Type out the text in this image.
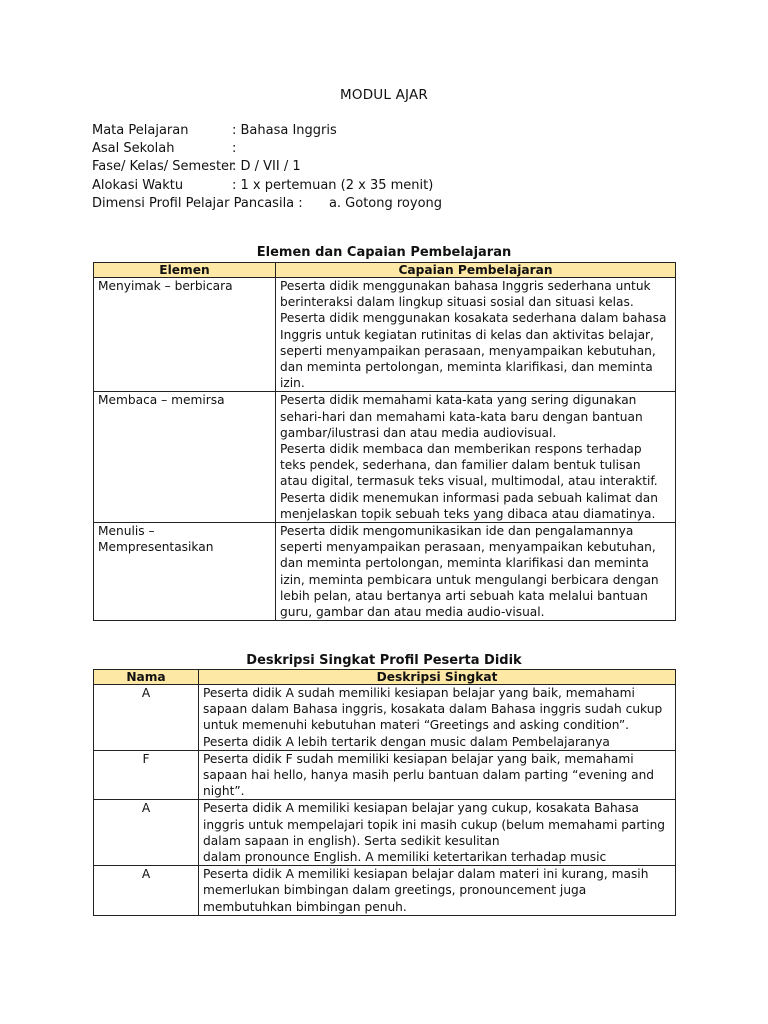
MODUL AJAR
Mata Pelajaran	: Bahasa Inggris
Asal Sekolah	:
Fase/ Kelas/ Semester
: D / VII / 1
Alokasi Waktu	: 1 x pertemuan (2 x 35 menit)
Dimensi Profil Pelajar Pancasila : a. Gotong royong
Elemen dan Capaian Pembelajaran
Elemen	Capaian Pembelajaran
Menyimak – berbicara	Peserta didik menggunakan bahasa Inggris sederhana untuk berinteraksi dalam lingkup situasi sosial dan situasi kelas.
Peserta didik menggunakan kosakata sederhana dalam bahasa Inggris untuk kegiatan rutinitas di kelas dan aktivitas belajar, seperti menyampaikan perasaan, menyampaikan kebutuhan, dan meminta pertolongan, meminta klarifikasi, dan meminta izin.

Membaca – memirsa	Peserta didik memahami kata-kata yang sering digunakan sehari-hari dan memahami kata-kata baru dengan bantuan gambar/ilustrasi dan atau media audiovisual.
Peserta didik membaca dan memberikan respons terhadap teks pendek, sederhana, dan familier dalam bentuk tulisan atau digital, termasuk teks visual, multimodal, atau interaktif. Peserta didik menemukan informasi pada sebuah kalimat dan
menjelaskan topik sebuah teks yang dibaca atau diamatinya.

Menulis – Mempresentasikan	Peserta didik mengomunikasikan ide dan pengalamannya seperti menyampaikan perasaan, menyampaikan kebutuhan, dan meminta pertolongan, meminta klarifikasi dan meminta izin, meminta pembicara untuk mengulangi berbicara dengan lebih pelan, atau bertanya arti sebuah kata melalui bantuan guru, gambar dan atau media audio-visual.
Deskripsi Singkat Profil Peserta Didik
Nama	Deskripsi Singkat
A	Peserta didik A sudah memiliki kesiapan belajar yang baik, memahami sapaan dalam Bahasa inggris, kosakata dalam Bahasa inggris sudah cukup untuk memenuhi kebutuhan materi “Greetings and asking condition”. Peserta didik A lebih tertarik dengan music dalam Pembelajaranya

F	Peserta didik F sudah memiliki kesiapan belajar yang baik, memahami sapaan hai hello, hanya masih perlu bantuan dalam parting “evening and night”.

A	Peserta didik A memiliki kesiapan belajar yang cukup, kosakata Bahasa inggris untuk mempelajari topik ini masih cukup (belum memahami parting dalam sapaan in english). Serta sedikit kesulitan
dalam pronounce English. A memiliki ketertarikan terhadap music

A	Peserta didik A memiliki kesiapan belajar dalam materi ini kurang, masih memerlukan bimbingan dalam greetings, pronouncement juga membutuhkan bimbingan penuh.
